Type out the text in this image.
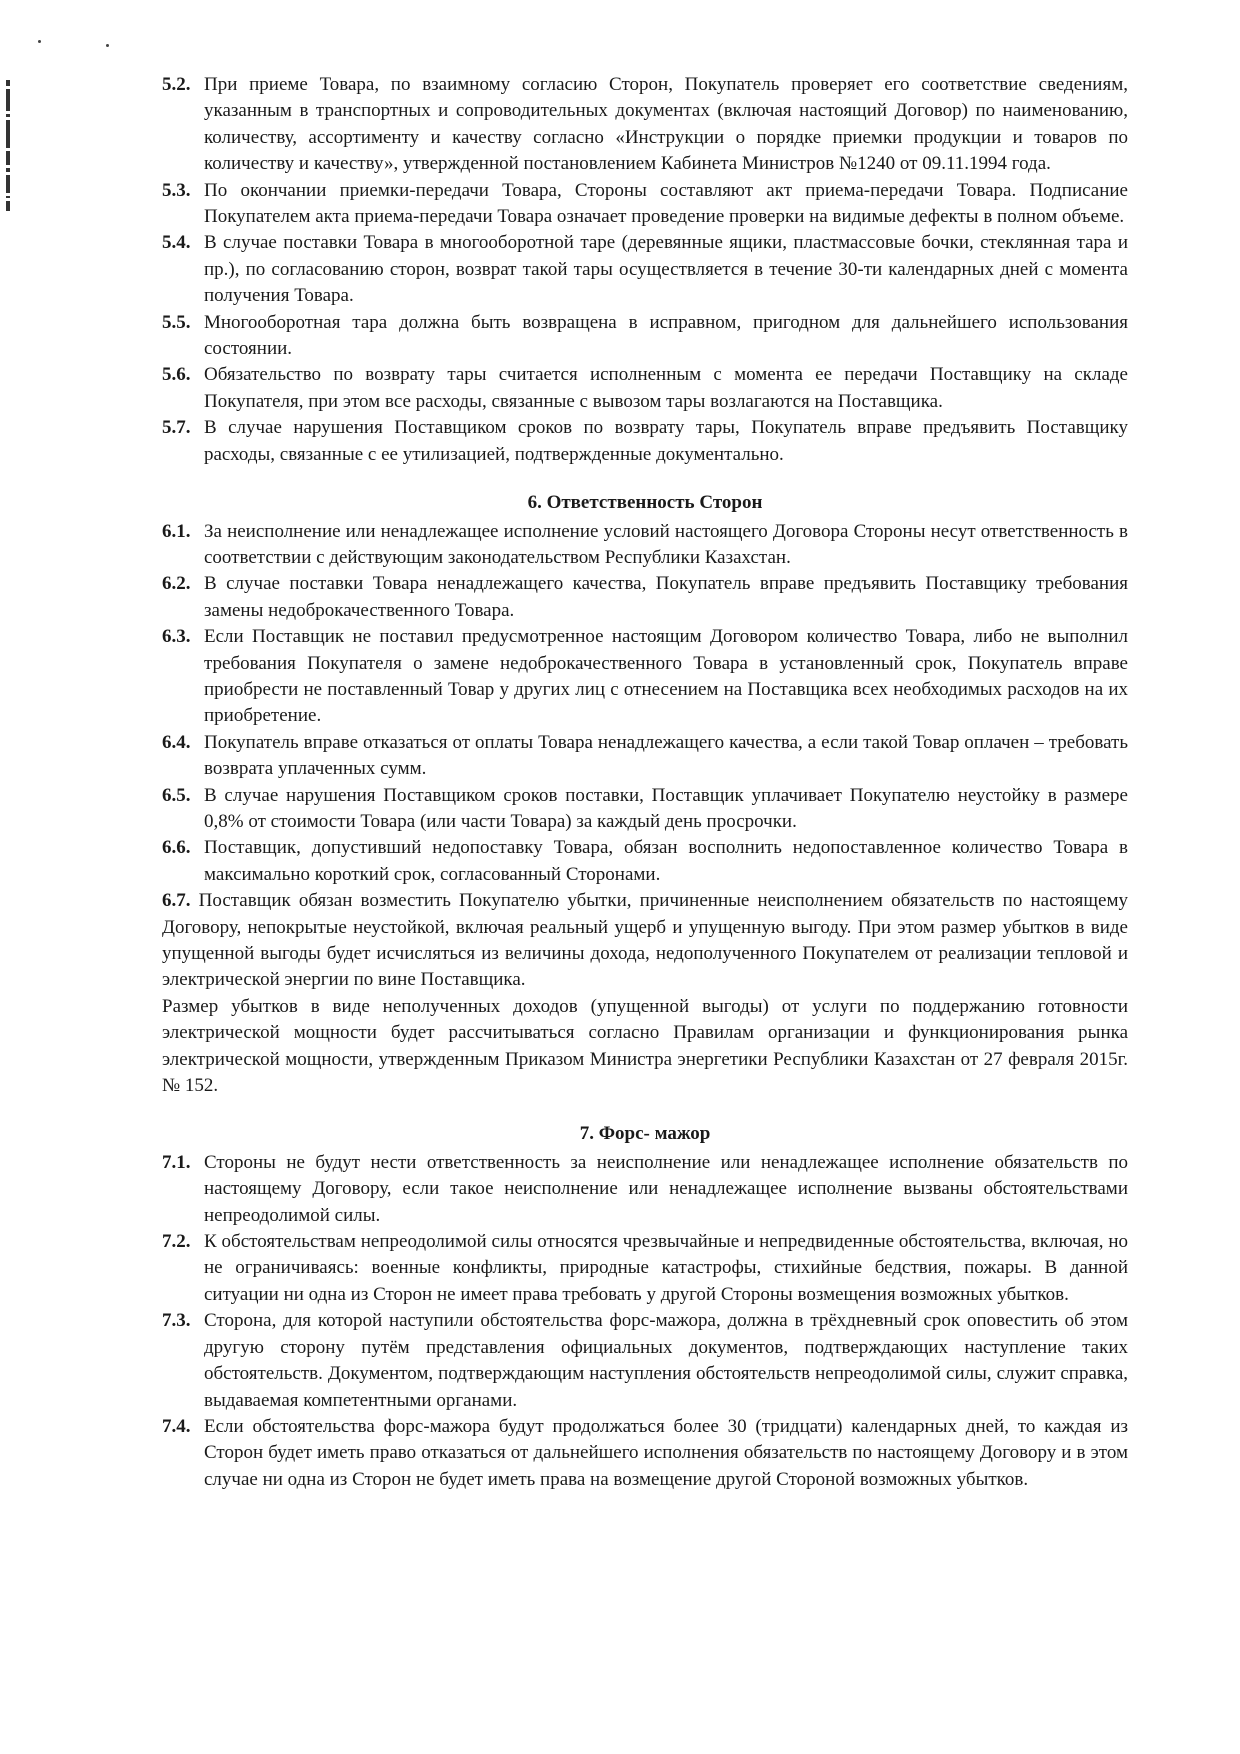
5.2. При приеме Товара, по взаимному согласию Сторон, Покупатель проверяет его соответствие сведениям, указанным в транспортных и сопроводительных документах (включая настоящий Договор) по наименованию, количеству, ассортименту и качеству согласно «Инструкции о порядке приемки продукции и товаров по количеству и качеству», утвержденной постановлением Кабинета Министров №1240 от 09.11.1994 года.
5.3. По окончании приемки-передачи Товара, Стороны составляют акт приема-передачи Товара. Подписание Покупателем акта приема-передачи Товара означает проведение проверки на видимые дефекты в полном объеме.
5.4. В случае поставки Товара в многооборотной таре (деревянные ящики, пластмассовые бочки, стеклянная тара и пр.), по согласованию сторон, возврат такой тары осуществляется в течение 30-ти календарных дней с момента получения Товара.
5.5. Многооборотная тара должна быть возвращена в исправном, пригодном для дальнейшего использования состоянии.
5.6. Обязательство по возврату тары считается исполненным с момента ее передачи Поставщику на складе Покупателя, при этом все расходы, связанные с вывозом тары возлагаются на Поставщика.
5.7. В случае нарушения Поставщиком сроков по возврату тары, Покупатель вправе предъявить Поставщику расходы, связанные с ее утилизацией, подтвержденные документально.
6. Ответственность Сторон
6.1. За неисполнение или ненадлежащее исполнение условий настоящего Договора Стороны несут ответственность в соответствии с действующим законодательством Республики Казахстан.
6.2. В случае поставки Товара ненадлежащего качества, Покупатель вправе предъявить Поставщику требования замены недоброкачественного Товара.
6.3. Если Поставщик не поставил предусмотренное настоящим Договором количество Товара, либо не выполнил требования Покупателя о замене недоброкачественного Товара в установленный срок, Покупатель вправе приобрести не поставленный Товар у других лиц с отнесением на Поставщика всех необходимых расходов на их приобретение.
6.4. Покупатель вправе отказаться от оплаты Товара ненадлежащего качества, а если такой Товар оплачен – требовать возврата уплаченных сумм.
6.5. В случае нарушения Поставщиком сроков поставки, Поставщик уплачивает Покупателю неустойку в размере 0,8% от стоимости Товара (или части Товара) за каждый день просрочки.
6.6. Поставщик, допустивший недопоставку Товара, обязан восполнить недопоставленное количество Товара в максимально короткий срок, согласованный Сторонами.
6.7. Поставщик обязан возместить Покупателю убытки, причиненные неисполнением обязательств по настоящему Договору, непокрытые неустойкой, включая реальный ущерб и упущенную выгоду. При этом размер убытков в виде упущенной выгоды будет исчисляться из величины дохода, недополученного Покупателем от реализации тепловой и электрической энергии по вине Поставщика.
Размер убытков в виде неполученных доходов (упущенной выгоды) от услуги по поддержанию готовности электрической мощности будет рассчитываться согласно Правилам организации и функционирования рынка электрической мощности, утвержденным Приказом Министра энергетики Республики Казахстан от 27 февраля 2015г. № 152.
7. Форс- мажор
7.1. Стороны не будут нести ответственность за неисполнение или ненадлежащее исполнение обязательств по настоящему Договору, если такое неисполнение или ненадлежащее исполнение вызваны обстоятельствами непреодолимой силы.
7.2. К обстоятельствам непреодолимой силы относятся чрезвычайные и непредвиденные обстоятельства, включая, но не ограничиваясь: военные конфликты, природные катастрофы, стихийные бедствия, пожары. В данной ситуации ни одна из Сторон не имеет права требовать у другой Стороны возмещения возможных убытков.
7.3. Сторона, для которой наступили обстоятельства форс-мажора, должна в трёхдневный срок оповестить об этом другую сторону путём представления официальных документов, подтверждающих наступление таких обстоятельств. Документом, подтверждающим наступления обстоятельств непреодолимой силы, служит справка, выдаваемая компетентными органами.
7.4. Если обстоятельства форс-мажора будут продолжаться более 30 (тридцати) календарных дней, то каждая из Сторон будет иметь право отказаться от дальнейшего исполнения обязательств по настоящему Договору и в этом случае ни одна из Сторон не будет иметь права на возмещение другой Стороной возможных убытков.
